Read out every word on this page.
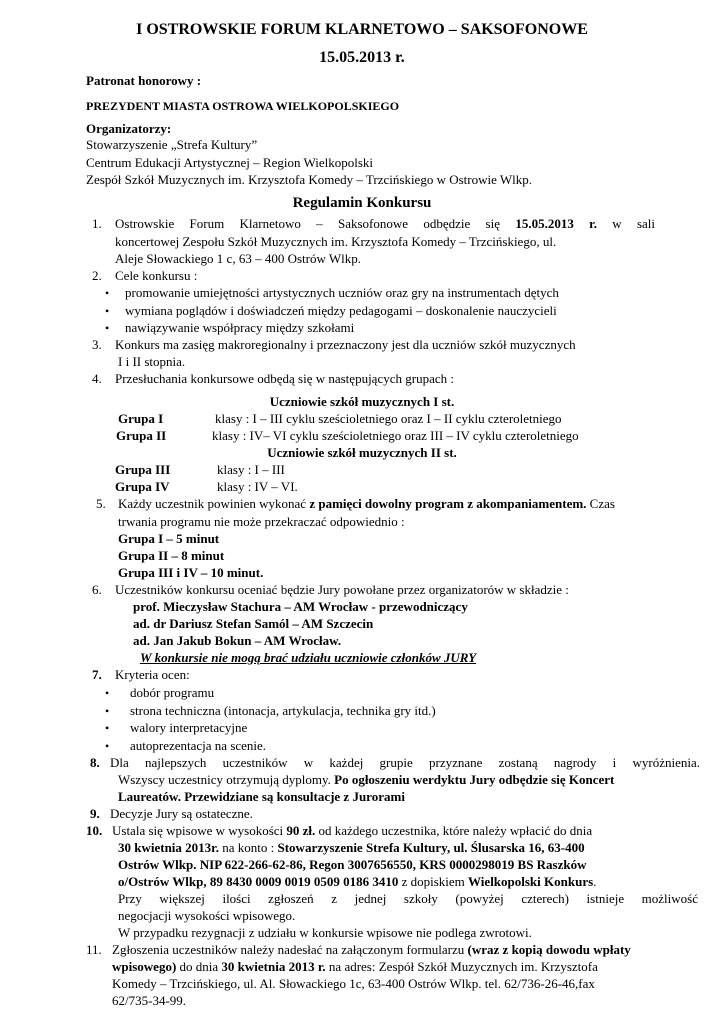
I OSTROWSKIE FORUM KLARNETOWO – SAKSOFONOWE
15.05.2013 r.
Patronat honorowy :
PREZYDENT MIASTA OSTROWA WIELKOPOLSKIEGO
Organizatorzy:
Stowarzyszenie „Strefa Kultury”
Centrum Edukacji Artystycznej – Region Wielkopolski
Zespół Szkół Muzycznych im. Krzysztofa Komedy – Trzcińskiego w Ostrowie Wlkp.
Regulamin Konkursu
1. Ostrowskie Forum Klarnetowo – Saksofonowe odbędzie się 15.05.2013 r. w sali
koncertowej Zespołu Szkół Muzycznych im. Krzysztofa Komedy – Trzcińskiego, ul.
Aleje Słowackiego 1 c, 63 – 400 Ostrów Wlkp.
2. Cele konkursu :
• promowanie umiejętności artystycznych uczniów oraz gry na instrumentach dętych
• wymiana poglądów i doświadczeń między pedagogami – doskonalenie nauczycieli
• nawiązywanie współpracy między szkołami
3. Konkurs ma zasięg makroregionalny i przeznaczony jest dla uczniów szkół muzycznych
I i II stopnia.
4. Przesłuchania konkursowe odbędą się w następujących grupach :
Uczniowie szkół muzycznych I st.
Grupa I	klasy : I – III cyklu sześcioletniego oraz I – II cyklu czteroletniego
Grupa II	klasy : IV– VI cyklu sześcioletniego oraz III – IV cyklu czteroletniego
Uczniowie szkół muzycznych II st.
Grupa III	klasy : I – III
Grupa IV	klasy : IV – VI.
5. Każdy uczestnik powinien wykonać z pamięci dowolny program z akompaniamentem. Czas
trwania programu nie może przekraczać odpowiednio :
Grupa I – 5 minut
Grupa II – 8 minut
Grupa III i IV – 10 minut.
6. Uczestników konkursu oceniać będzie Jury powołane przez organizatorów w składzie :
prof. Mieczysław Stachura – AM Wrocław - przewodniczący
ad. dr Dariusz Stefan Samól – AM Szczecin
ad. Jan Jakub Bokun – AM Wrocław.
W konkursie nie mogą brać udziału uczniowie członków JURY
7. Kryteria ocen:
• dobór programu
• strona techniczna (intonacja, artykulacja, technika gry itd.)
• walory interpretacyjne
• autoprezentacja na scenie.
8. Dla najlepszych uczestników w każdej grupie przyznane zostaną nagrody i wyróżnienia.
Wszyscy uczestnicy otrzymują dyplomy. Po ogłoszeniu werdyktu Jury odbędzie się Koncert
Laureatów. Przewidziane są konsultacje z Jurorami
9. Decyzje Jury są ostateczne.
10. Ustala się wpisowe w wysokości 90 zł. od każdego uczestnika, które należy wpłacić do dnia
30 kwietnia 2013r. na konto : Stowarzyszenie Strefa Kultury, ul. Ślusarska 16, 63-400
Ostrów Wlkp. NIP 622-266-62-86, Regon 3007656550, KRS 0000298019 BS Raszków
o/Ostrów Wlkp, 89 8430 0009 0019 0509 0186 3410 z dopiskiem Wielkopolski Konkurs.
Przy większej ilości zgłoszeń z jednej szkoły (powyżej czterech) istnieje możliwość
negocjacji wysokości wpisowego.
W przypadku rezygnacji z udziału w konkursie wpisowe nie podlega zwrotowi.
11. Zgłoszenia uczestników należy nadesłać na załączonym formularzu (wraz z kopią dowodu wpłaty
wpisowego) do dnia 30 kwietnia 2013 r. na adres: Zespół Szkół Muzycznych im. Krzysztofa
Komedy – Trzcińskiego, ul. Al. Słowackiego 1c, 63-400 Ostrów Wlkp. tel. 62/736-26-46,fax
62/735-34-99.
